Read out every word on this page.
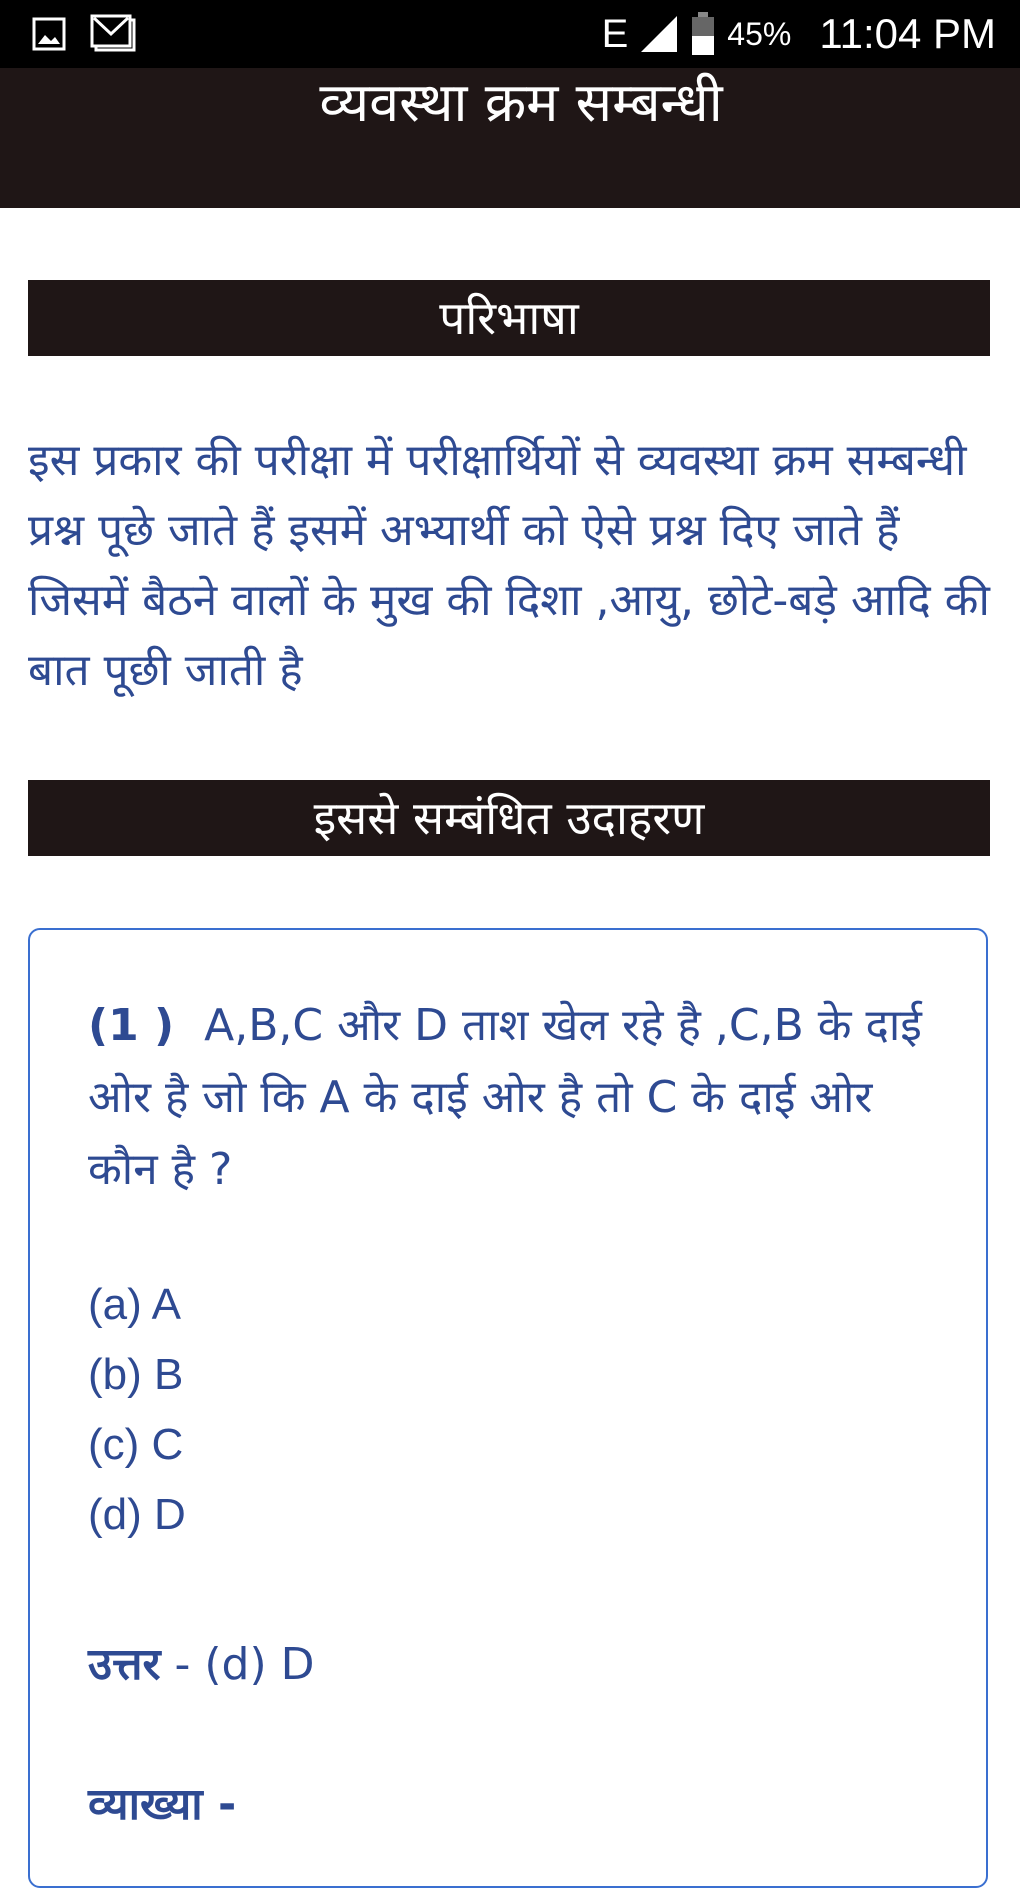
E	45% 11:04 PM
व्यवस्था क्रम सम्बन्धी
परिभाषा
इस प्रकार की परीक्षा में परीक्षार्थियों से व्यवस्था क्रम सम्बन्धी प्रश्न पूछे जाते हैं इसमें अभ्यार्थी को ऐसे प्रश्न दिए जाते हैं जिसमें बैठने वालों के मुख की दिशा ,आयु, छोटे-बड़े आदि की बात पूछी जाती है
इससे सम्बंधित उदाहरण
(1 ) A,B,C और D ताश खेल रहे है ,C,B के दाई ओर है जो कि A के दाई ओर है तो C के दाई ओर कौन है ?
(a) A
(b) B
(c) C
(d) D
उत्तर - (d) D
व्याख्या -
